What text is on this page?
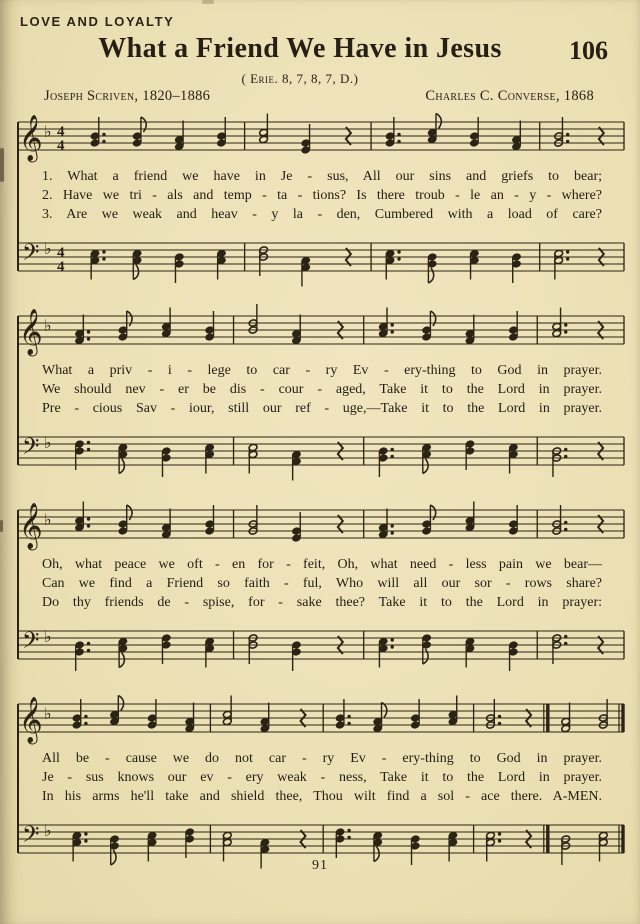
LOVE AND LOYALTY
What a Friend We Have in Jesus	106
( Erie. 8, 7, 8, 7, D.)
Joseph Scriven, 1820–1886	Charles C. Converse, 1868
𝄞 ♭ 4
4
1. What a friend we have in Je - sus, All our sins and griefs to bear;
2. Have we tri - als and temp - ta - tions? Is there troub - le an - y - where?
3. Are we weak and heav - y la - den, Cumbered with a load of care?
𝄢 ♭ 4
4
𝄞 ♭
What a priv - i - lege to car - ry Ev - ery-thing to God in prayer.
We should nev - er be dis - cour - aged, Take it to the Lord in prayer.
Pre - cious Sav - iour, still our ref - uge,—Take it to the Lord in prayer.
𝄢 ♭
𝄞 ♭
Oh, what peace we oft - en for - feit, Oh, what need - less pain we bear—
Can we find a Friend so faith - ful, Who will all our sor - rows share?
Do thy friends de - spise, for - sake thee? Take it to the Lord in prayer:
𝄢 ♭
𝄞 ♭
All be - cause we do not car - ry Ev - ery-thing to God in prayer.
Je - sus knows our ev - ery weak - ness, Take it to the Lord in prayer.
In his arms he'll take and shield thee, Thou wilt find a sol - ace there. A-MEN.
𝄢 ♭
91
